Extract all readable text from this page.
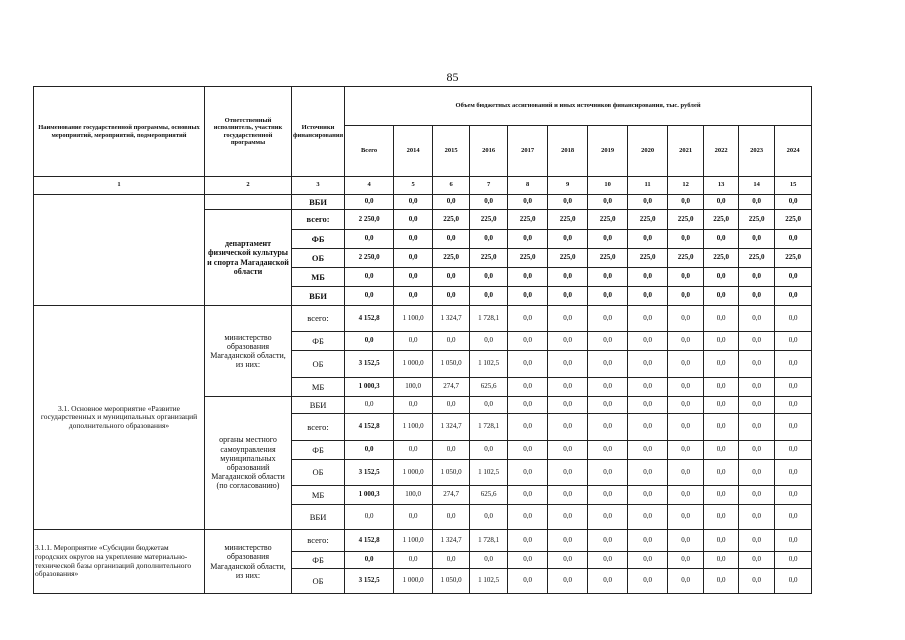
85
Наименование государственной программы, основных мероприятий, мероприятий, подмероприятий	Ответственный исполнитель, участник государственной программы	Источники финансирования	Объем бюджетных ассигнований и иных источников финансирования, тыс. рублей											
			Всего	2014	2015	2016	2017	2018	2019	2020	2021	2022	2023	2024
1	2	3	4	5	6	7	8	9	10	11	12	13	14	15
		ВБИ	0,0	0,0	0,0	0,0	0,0	0,0	0,0	0,0	0,0	0,0	0,0	0,0
	департамент физической культуры и спорта Магаданской области	всего:	2 250,0	0,0	225,0	225,0	225,0	225,0	225,0	225,0	225,0	225,0	225,0	225,0
		ФБ	0,0	0,0	0,0	0,0	0,0	0,0	0,0	0,0	0,0	0,0	0,0	0,0
		ОБ	2 250,0	0,0	225,0	225,0	225,0	225,0	225,0	225,0	225,0	225,0	225,0	225,0
		МБ	0,0	0,0	0,0	0,0	0,0	0,0	0,0	0,0	0,0	0,0	0,0	0,0
		ВБИ	0,0	0,0	0,0	0,0	0,0	0,0	0,0	0,0	0,0	0,0	0,0	0,0
3.1. Основное мероприятие «Развитие государственных и муниципальных организаций дополнительного образования»	министерство образования Магаданской области, из них:	всего:	4 152,8	1 100,0	1 324,7	1 728,1	0,0	0,0	0,0	0,0	0,0	0,0	0,0	0,0
		ФБ	0,0	0,0	0,0	0,0	0,0	0,0	0,0	0,0	0,0	0,0	0,0	0,0
		ОБ	3 152,5	1 000,0	1 050,0	1 102,5	0,0	0,0	0,0	0,0	0,0	0,0	0,0	0,0
		МБ	1 000,3	100,0	274,7	625,6	0,0	0,0	0,0	0,0	0,0	0,0	0,0	0,0
	органы местного самоуправления муниципальных образований Магаданской области (по согласованию)	ВБИ	0,0	0,0	0,0	0,0	0,0	0,0	0,0	0,0	0,0	0,0	0,0	0,0
		всего:	4 152,8	1 100,0	1 324,7	1 728,1	0,0	0,0	0,0	0,0	0,0	0,0	0,0	0,0
		ФБ	0,0	0,0	0,0	0,0	0,0	0,0	0,0	0,0	0,0	0,0	0,0	0,0
		ОБ	3 152,5	1 000,0	1 050,0	1 102,5	0,0	0,0	0,0	0,0	0,0	0,0	0,0	0,0
		МБ	1 000,3	100,0	274,7	625,6	0,0	0,0	0,0	0,0	0,0	0,0	0,0	0,0
		ВБИ	0,0	0,0	0,0	0,0	0,0	0,0	0,0	0,0	0,0	0,0	0,0	0,0
3.1.1. Мероприятие «Субсидии бюджетам городских округов на укрепление материально-технической базы организаций дополнительного образования»	министерство образования Магаданской области, из них:	всего:	4 152,8	1 100,0	1 324,7	1 728,1	0,0	0,0	0,0	0,0	0,0	0,0	0,0	0,0
		ФБ	0,0	0,0	0,0	0,0	0,0	0,0	0,0	0,0	0,0	0,0	0,0	0,0
		ОБ	3 152,5	1 000,0	1 050,0	1 102,5	0,0	0,0	0,0	0,0	0,0	0,0	0,0	0,0
